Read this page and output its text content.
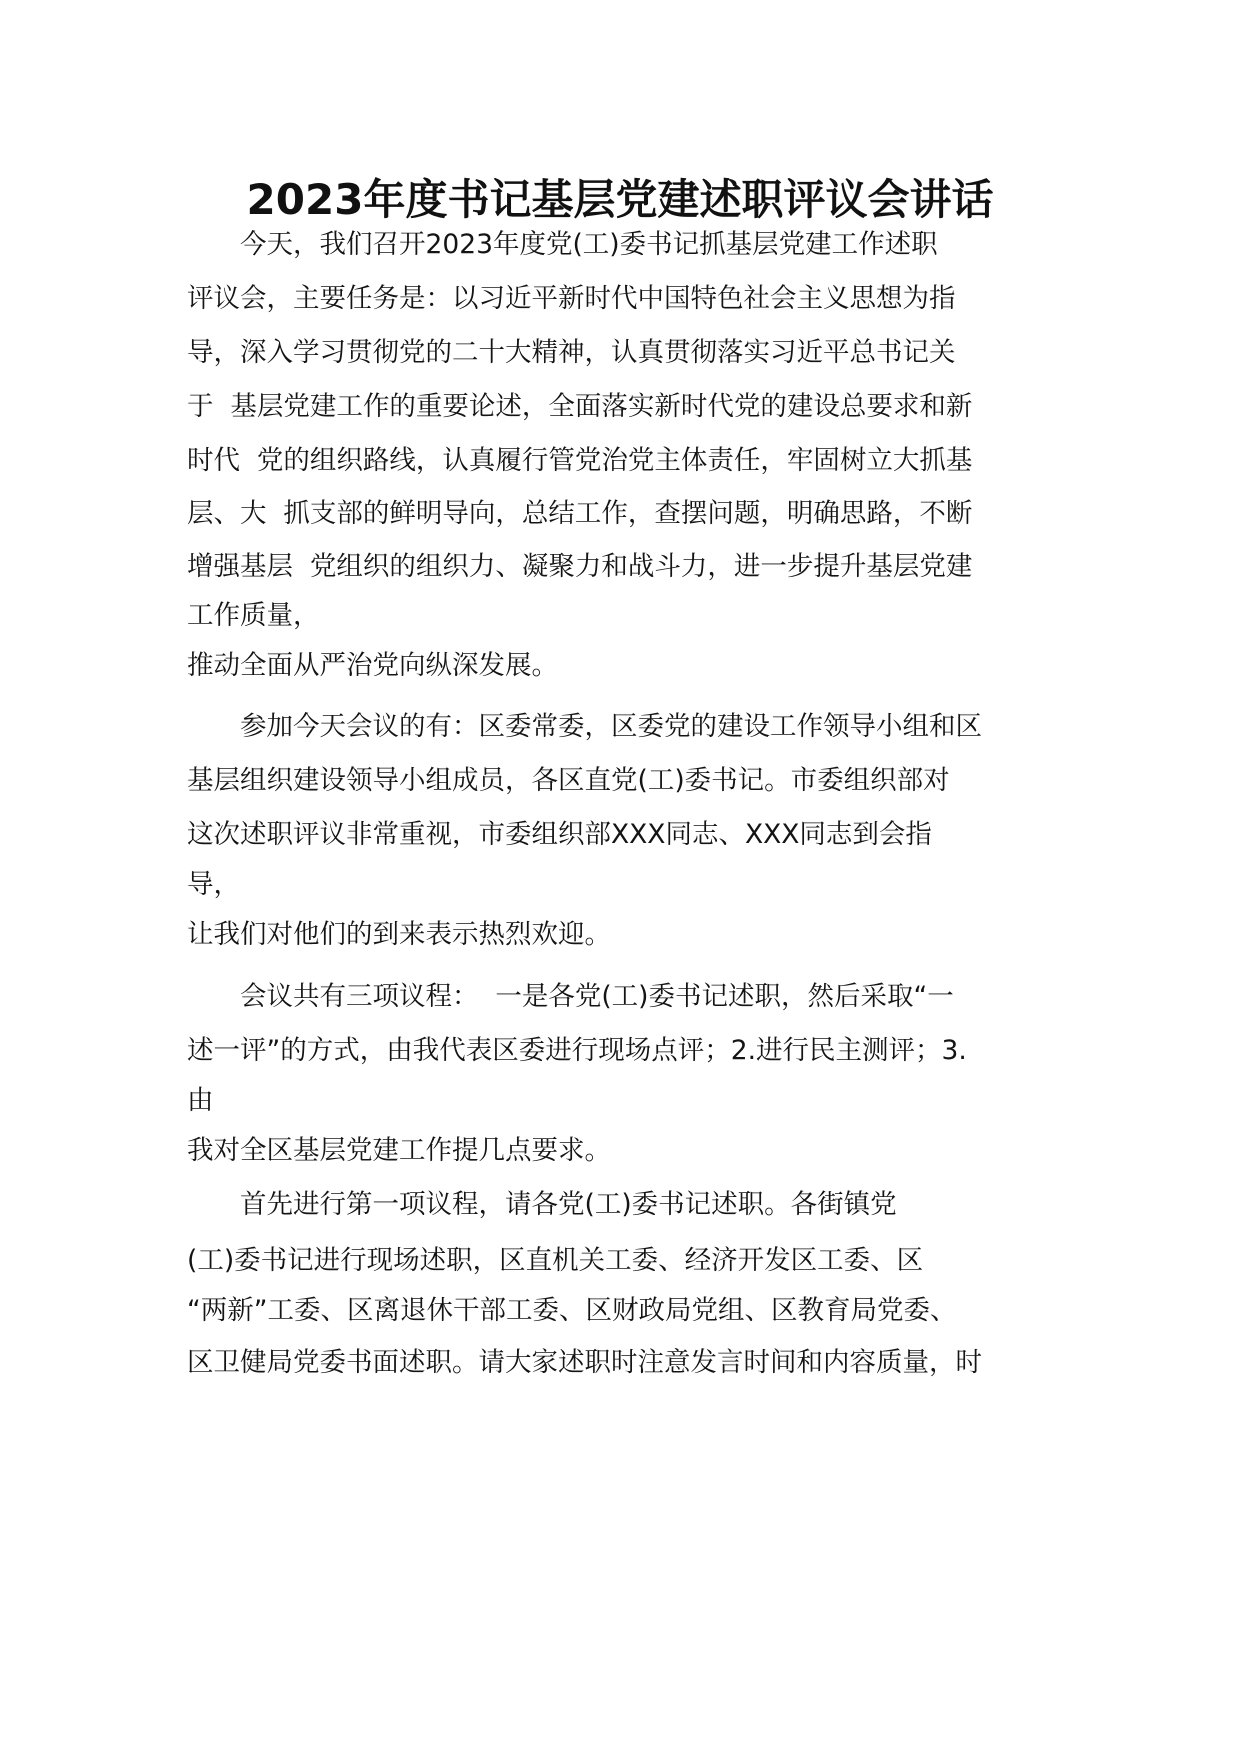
2023年度书记基层党建述职评议会讲话
　　今天，我们召开2023年度党(工)委书记抓基层党建工作述职
评议会，主要任务是：以习近平新时代中国特色社会主义思想为指
导，深入学习贯彻党的二十大精神，认真贯彻落实习近平总书记关
于  基层党建工作的重要论述，全面落实新时代党的建设总要求和新
时代  党的组织路线，认真履行管党治党主体责任，牢固树立大抓基
层、大  抓支部的鲜明导向，总结工作，查摆问题，明确思路，不断
增强基层  党组织的组织力、凝聚力和战斗力，进一步提升基层党建
工作质量，
推动全面从严治党向纵深发展。
　　参加今天会议的有：区委常委，区委党的建设工作领导小组和区
基层组织建设领导小组成员，各区直党(工)委书记。市委组织部对
这次述职评议非常重视，市委组织部XXX同志、XXX同志到会指
导，
让我们对他们的到来表示热烈欢迎。
　　会议共有三项议程：  一是各党(工)委书记述职，然后采取“一
述一评”的方式，由我代表区委进行现场点评；2.进行民主测评；3.
由
我对全区基层党建工作提几点要求。
　　首先进行第一项议程，请各党(工)委书记述职。各街镇党
(工)委书记进行现场述职，区直机关工委、经济开发区工委、区
“两新”工委、区离退休干部工委、区财政局党组、区教育局党委、
区卫健局党委书面述职。请大家述职时注意发言时间和内容质量，时
